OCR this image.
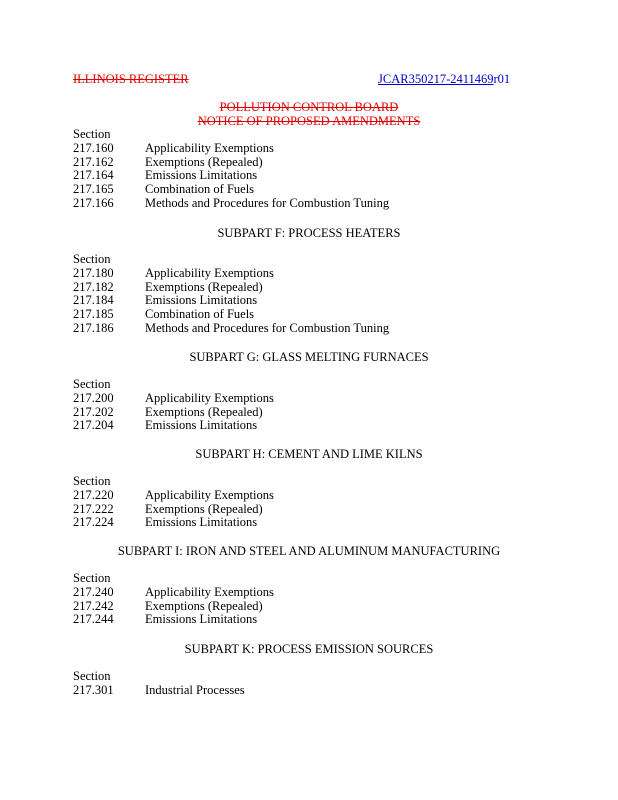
ILLINOIS REGISTER	JCAR350217-2411469r01
POLLUTION CONTROL BOARD
NOTICE OF PROPOSED AMENDMENTS
Section
217.160	Applicability Exemptions
217.162	Exemptions (Repealed)
217.164	Emissions Limitations
217.165	Combination of Fuels
217.166	Methods and Procedures for Combustion Tuning
SUBPART F: PROCESS HEATERS
Section
217.180	Applicability Exemptions
217.182	Exemptions (Repealed)
217.184	Emissions Limitations
217.185	Combination of Fuels
217.186	Methods and Procedures for Combustion Tuning
SUBPART G: GLASS MELTING FURNACES
Section
217.200	Applicability Exemptions
217.202	Exemptions (Repealed)
217.204	Emissions Limitations
SUBPART H: CEMENT AND LIME KILNS
Section
217.220	Applicability Exemptions
217.222	Exemptions (Repealed)
217.224	Emissions Limitations
SUBPART I: IRON AND STEEL AND ALUMINUM MANUFACTURING
Section
217.240	Applicability Exemptions
217.242	Exemptions (Repealed)
217.244	Emissions Limitations
SUBPART K: PROCESS EMISSION SOURCES
Section
217.301	Industrial Processes
